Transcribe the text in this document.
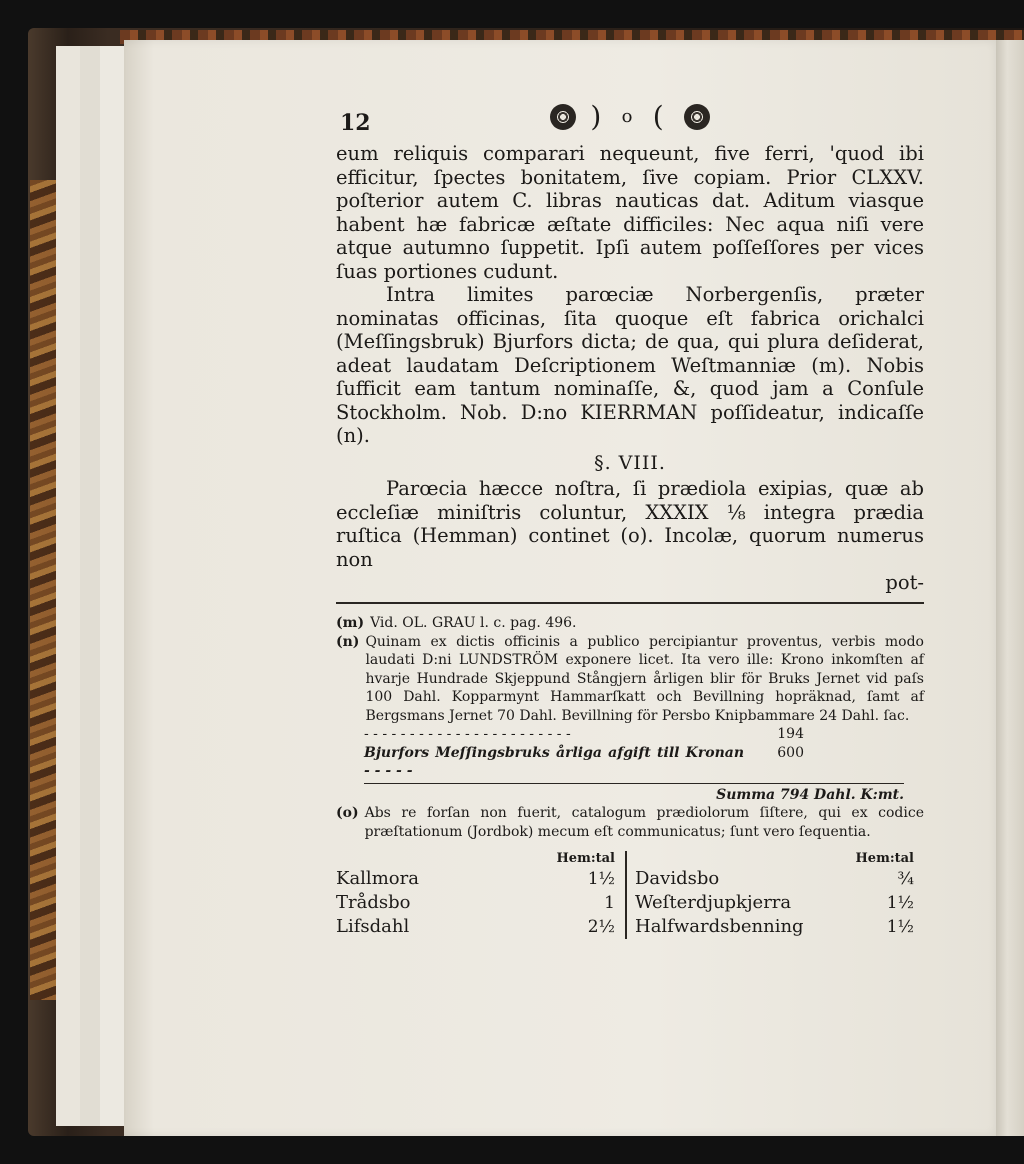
12	) o (

eum reliquis comparari nequeunt, five ferri, 'quod ibi efficitur, ſpectes bonitatem, ſive copiam. Prior CLXXV. poſterior autem C. libras nauticas dat. Aditum viasque habent hæ fabricæ æſtate difficiles: Nec aqua niſi vere atque autumno ſuppetit. Ipſi autem poſſeſſores per vices ſuas portiones cudunt.

Intra limites parœciæ Norbergenſis, præter nominatas officinas, ſita quoque eſt fabrica orichalci (Meſſingsbruk) Bjurfors dicta; de qua, qui plura deſiderat, adeat laudatam Deſcriptionem Weſtmanniæ (m). Nobis ſufficit eam tantum nominaſſe, &, quod jam a Conſule Stockholm. Nob. D:no KIERRMAN poſſideatur, indicaſſe (n).

§. VIII.

Parœcia hæcce noſtra, ſi prædiola exipias, quæ ab eccleſiæ miniſtris coluntur, XXXIX ⅛ integra prædia ruſtica (Hemman) continet (o). Incolæ, quorum numerus non

pot-

(m) Vid. OL. GRAU l. c. pag. 496.
(n) Quinam ex dictis officinis a publico percipiantur proventus, verbis modo laudati D:ni LUNDSTRÖM exponere licet. Ita vero ille: Krono inkomſten af hvarje Hundrade Skjeppund Stångjern årligen blir för Bruks Jernet vid paſs 100 Dahl. Kopparmynt Hammarſkatt och Bevillning hopräknad, ſamt af Bergsmans Jernet 70 Dahl. Bevillning för Persbo Knipbammare 24 Dahl. ſac.
- - - - - - - - - - - - - - - - - - - - - - -	194
Bjurfors Meſſingsbruks årliga afgift till Kronan - - - - -
600
Summa 794 Dahl. K:mt.
(o) Abs re forſan non fuerit, catalogum prædiolorum ſiſtere, qui ex codice præſtationum (Jordbok) mecum eſt communicatus; ſunt vero ſequentia.
Hem:tal
Kallmora	1½
Trådsbo	1
Lifsdahl	2½
Hem:tal
Davidsbo	¾
Weſterdjupkjerra	1½
Halfwardsbenning	1½
